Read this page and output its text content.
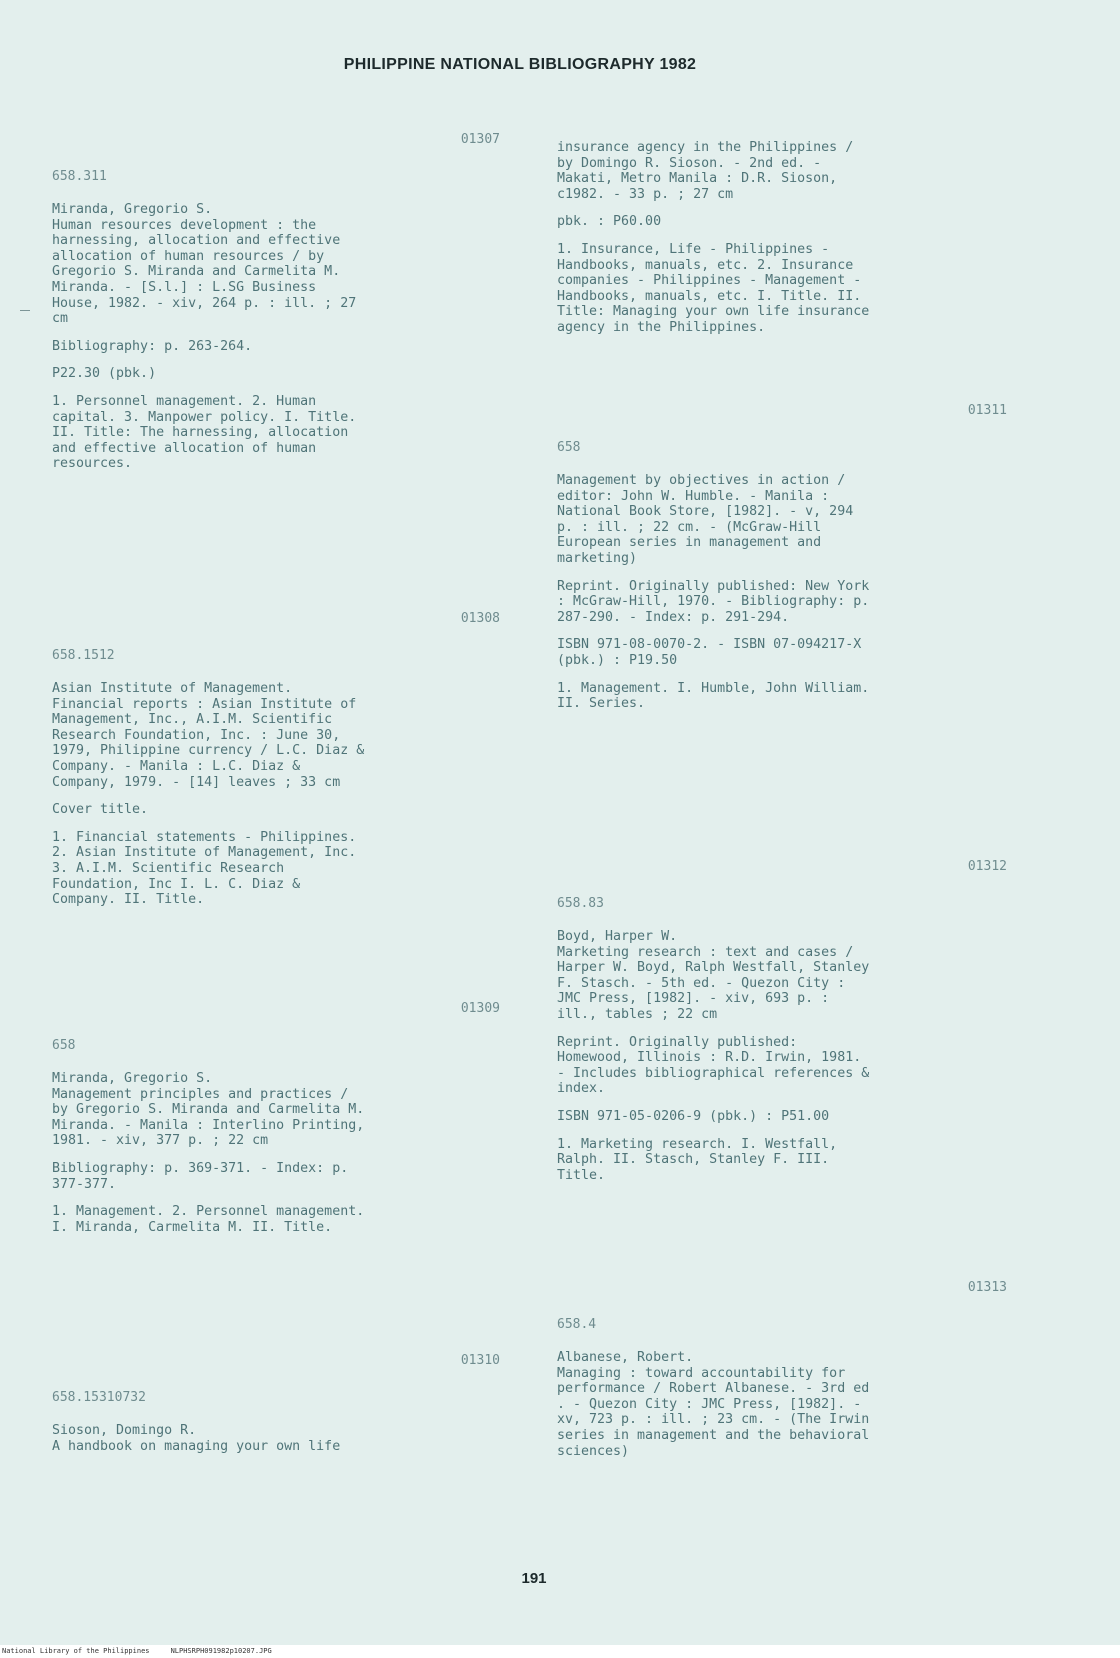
PHILIPPINE NATIONAL BIBLIOGRAPHY 1982
01307
658.311
Miranda, Gregorio S.
Human resources development : the
harnessing, allocation and effective
allocation of human resources / by
Gregorio S. Miranda and Carmelita M.
Miranda. - [S.l.] : L.SG Business
House, 1982. - xiv, 264 p. : ill. ; 27
cm
Bibliography: p. 263-264.
P22.30 (pbk.)
1. Personnel management. 2. Human
capital. 3. Manpower policy. I. Title.
II. Title: The harnessing, allocation
and effective allocation of human
resources.
01308
658.1512
Asian Institute of Management.
Financial reports : Asian Institute of
Management, Inc., A.I.M. Scientific
Research Foundation, Inc. : June 30,
1979, Philippine currency / L.C. Diaz &
Company. - Manila : L.C. Diaz &
Company, 1979. - [14] leaves ; 33 cm
Cover title.
1. Financial statements - Philippines.
2. Asian Institute of Management, Inc.
3. A.I.M. Scientific Research
Foundation, Inc I. L. C. Diaz &
Company. II. Title.
01309
658
Miranda, Gregorio S.
Management principles and practices /
by Gregorio S. Miranda and Carmelita M.
Miranda. - Manila : Interlino Printing,
1981. - xiv, 377 p. ; 22 cm
Bibliography: p. 369-371. - Index: p.
377-377.
1. Management. 2. Personnel management.
I. Miranda, Carmelita M. II. Title.
01310
658.15310732
Sioson, Domingo R.
A handbook on managing your own life
insurance agency in the Philippines /
by Domingo R. Sioson. - 2nd ed. -
Makati, Metro Manila : D.R. Sioson,
c1982. - 33 p. ; 27 cm
pbk. : P60.00
1. Insurance, Life - Philippines -
Handbooks, manuals, etc. 2. Insurance
companies - Philippines - Management -
Handbooks, manuals, etc. I. Title. II.
Title: Managing your own life insurance
agency in the Philippines.
01311
658
Management by objectives in action /
editor: John W. Humble. - Manila :
National Book Store, [1982]. - v, 294
p. : ill. ; 22 cm. - (McGraw-Hill
European series in management and
marketing)
Reprint. Originally published: New York
: McGraw-Hill, 1970. - Bibliography: p.
287-290. - Index: p. 291-294.
ISBN 971-08-0070-2. - ISBN 07-094217-X
(pbk.) : P19.50
1. Management. I. Humble, John William.
II. Series.
01312
658.83
Boyd, Harper W.
Marketing research : text and cases /
Harper W. Boyd, Ralph Westfall, Stanley
F. Stasch. - 5th ed. - Quezon City :
JMC Press, [1982]. - xiv, 693 p. :
ill., tables ; 22 cm
Reprint. Originally published:
Homewood, Illinois : R.D. Irwin, 1981.
- Includes bibliographical references &
index.
ISBN 971-05-0206-9 (pbk.) : P51.00
1. Marketing research. I. Westfall,
Ralph. II. Stasch, Stanley F. III.
Title.
01313
658.4
Albanese, Robert.
Managing : toward accountability for
performance / Robert Albanese. - 3rd ed
. - Quezon City : JMC Press, [1982]. -
xv, 723 p. : ill. ; 23 cm. - (The Irwin
series in management and the behavioral
sciences)
191
National Library of the Philippines     NLPHSRPH091982p10207.JPG
